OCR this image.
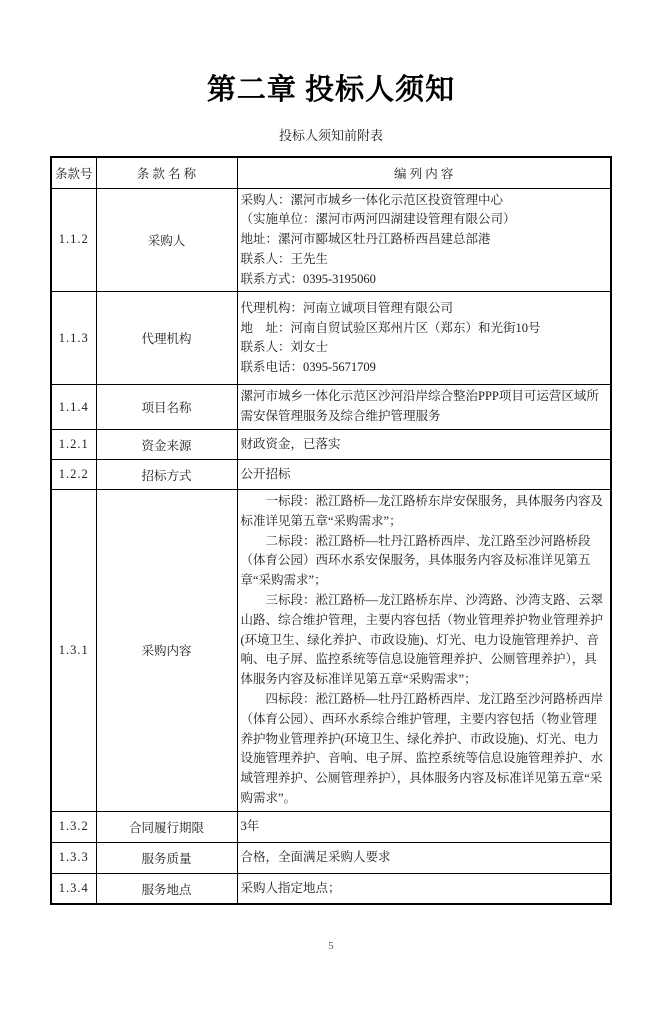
第二章 投标人须知
投标人须知前附表
条款号	条 款 名 称	编 列 内 容
1.1.2	采购人	采购人：漯河市城乡一体化示范区投资管理中心
（实施单位：漯河市两河四湖建设管理有限公司）
地址：漯河市郾城区牡丹江路桥西昌建总部港
联系人：王先生
联系方式：0395-3195060

1.1.3	代理机构	代理机构：河南立诚项目管理有限公司
地　址：河南自贸试验区郑州片区（郑东）和光街10号
联系人：刘女士
联系电话：0395-5671709

1.1.4	项目名称	漯河市城乡一体化示范区沙河沿岸综合整治PPP项目可运营区域所需安保管理服务及综合维护管理服务

1.2.1	资金来源	财政资金，已落实

1.2.2	招标方式	公开招标

1.3.1	采购内容	一标段：淞江路桥—龙江路桥东岸安保服务，具体服务内容及标准详见第五章“采购需求”；
二标段：淞江路桥—牡丹江路桥西岸、龙江路至沙河路桥段（体育公园）西环水系安保服务，具体服务内容及标准详见第五章“采购需求”；
三标段：淞江路桥—龙江路桥东岸、沙湾路、沙湾支路、云翠山路、综合维护管理，主要内容包括（物业管理养护物业管理养护(环境卫生、绿化养护、市政设施)、灯光、电力设施管理养护、音响、电子屏、监控系统等信息设施管理养护、公厕管理养护），具体服务内容及标准详见第五章“采购需求”；
四标段：淞江路桥—牡丹江路桥西岸、龙江路至沙河路桥西岸（体育公园）、西环水系综合维护管理，主要内容包括（物业管理养护物业管理养护(环境卫生、绿化养护、市政设施)、灯光、电力设施管理养护、音响、电子屏、监控系统等信息设施管理养护、水域管理养护、公厕管理养护），具体服务内容及标准详见第五章“采购需求”。

1.3.2	合同履行期限	3年

1.3.3	服务质量	合格，全面满足采购人要求

1.3.4	服务地点	采购人指定地点；
5
